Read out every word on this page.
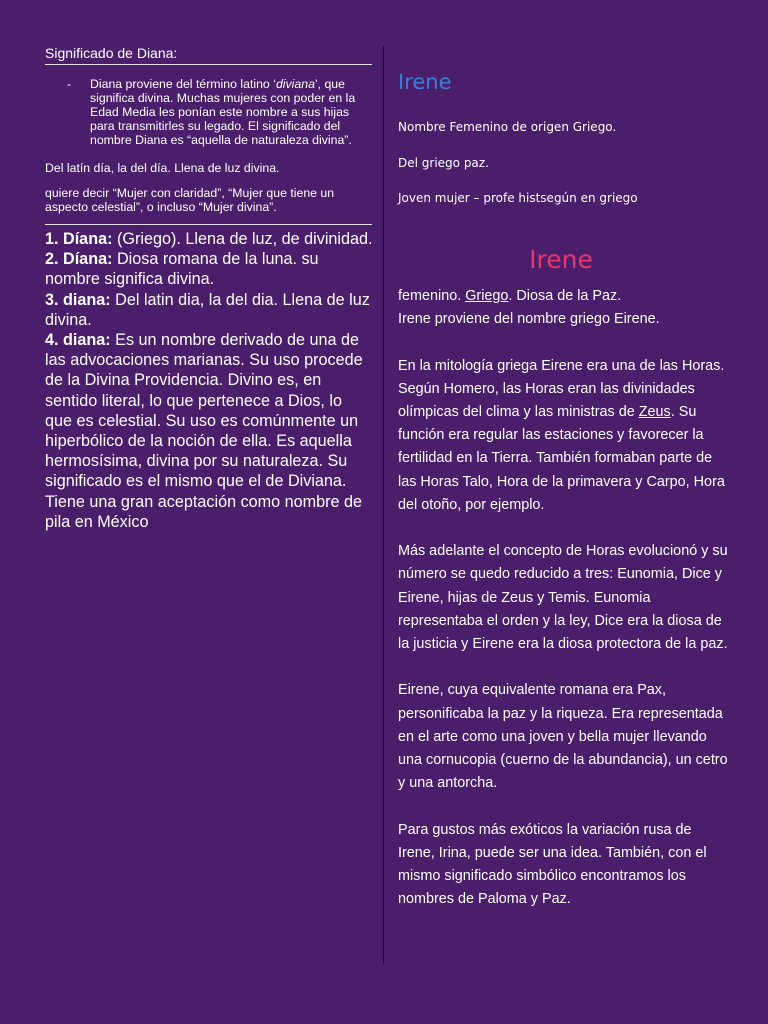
Significado de Diana:
- Diana proviene del término latino ‘diviana’, que significa divina. Muchas mujeres con poder en la Edad Media les ponían este nombre a sus hijas para transmitirles su legado. El significado del nombre Diana es “aquella de naturaleza divina”.
Del latín día, la del día. Llena de luz divina.
quiere decir “Mujer con claridad”, “Mujer que tiene un aspecto celestial”, o incluso “Mujer divina”.
1. Díana: (Griego). Llena de luz, de divinidad.
2. Díana: Diosa romana de la luna. su nombre significa divina.
3. diana: Del latin dia, la del dia. Llena de luz divina.
4. diana: Es un nombre derivado de una de las advocaciones marianas. Su uso procede de la Divina Providencia. Divino es, en sentido literal, lo que pertenece a Dios, lo que es celestial. Su uso es comúnmente un hiperbólico de la noción de ella. Es aquella hermosísima, divina por su naturaleza. Su significado es el mismo que el de Diviana. Tiene una gran aceptación como nombre de pila en México
Irene
Nombre Femenino de origen Griego.
Del griego paz.
Joven mujer – profe histsegún en griego
Irene

femenino. Griego. Diosa de la Paz.
Irene proviene del nombre griego Eirene.

En la mitología griega Eirene era una de las Horas. Según Homero, las Horas eran las divinidades olímpicas del clima y las ministras de Zeus. Su función era regular las estaciones y favorecer la fertilidad en la Tierra. También formaban parte de las Horas Talo, Hora de la primavera y Carpo, Hora del otoño, por ejemplo.

Más adelante el concepto de Horas evolucionó y su número se quedo reducido a tres: Eunomia, Dice y Eirene, hijas de Zeus y Temis. Eunomia representaba el orden y la ley, Dice era la diosa de la justicia y Eirene era la diosa protectora de la paz.

Eirene, cuya equivalente romana era Pax, personificaba la paz y la riqueza. Era representada en el arte como una joven y bella mujer llevando una cornucopia (cuerno de la abundancia), un cetro y una antorcha.

Para gustos más exóticos la variación rusa de Irene, Irina, puede ser una idea. También, con el mismo significado simbólico encontramos los nombres de Paloma y Paz.
